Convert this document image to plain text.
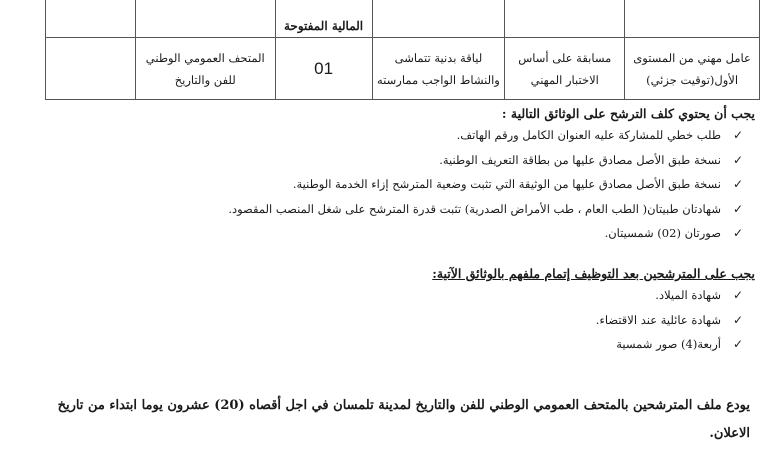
			المالية المفتوحة		
عامل مهني من المستوى الأول(توقيت جزئي)	مسابقة على أساس الاختبار المهني	لياقة بدنية تتماشى والنشاط الواجب ممارسته	01	المتحف العمومي الوطني للفن والتاريخ	
يجب أن يحتوي كلف الترشح على الوثائق التالية :
✓طلب خطي للمشاركة عليه العنوان الكامل ورقم الهاتف.
✓نسخة طبق الأصل مصادق عليها من بطاقة التعريف الوطنية.
✓نسخة طبق الأصل مصادق عليها من الوثيقة التي تثبت وضعية المترشح إزاء الخدمة الوطنية.
✓شهادتان طبيتان( الطب العام ، طب الأمراض الصدرية) تثبت قدرة المترشح على شغل المنصب المقصود.
✓صورتان (02) شمسيتان.
يجب على المترشحين بعد التوظيف إتمام ملفهم بالوثائق الآتية:
✓شهادة الميلاد.
✓شهادة عائلية عند الاقتضاء.
✓أربعة(4) صور شمسية
يودع ملف المترشحين بالمتحف العمومي الوطني للفن والتاريخ لمدينة تلمسان في اجل أقصاه (20) عشرون يوما ابتداء من تاريخ الاعلان.
